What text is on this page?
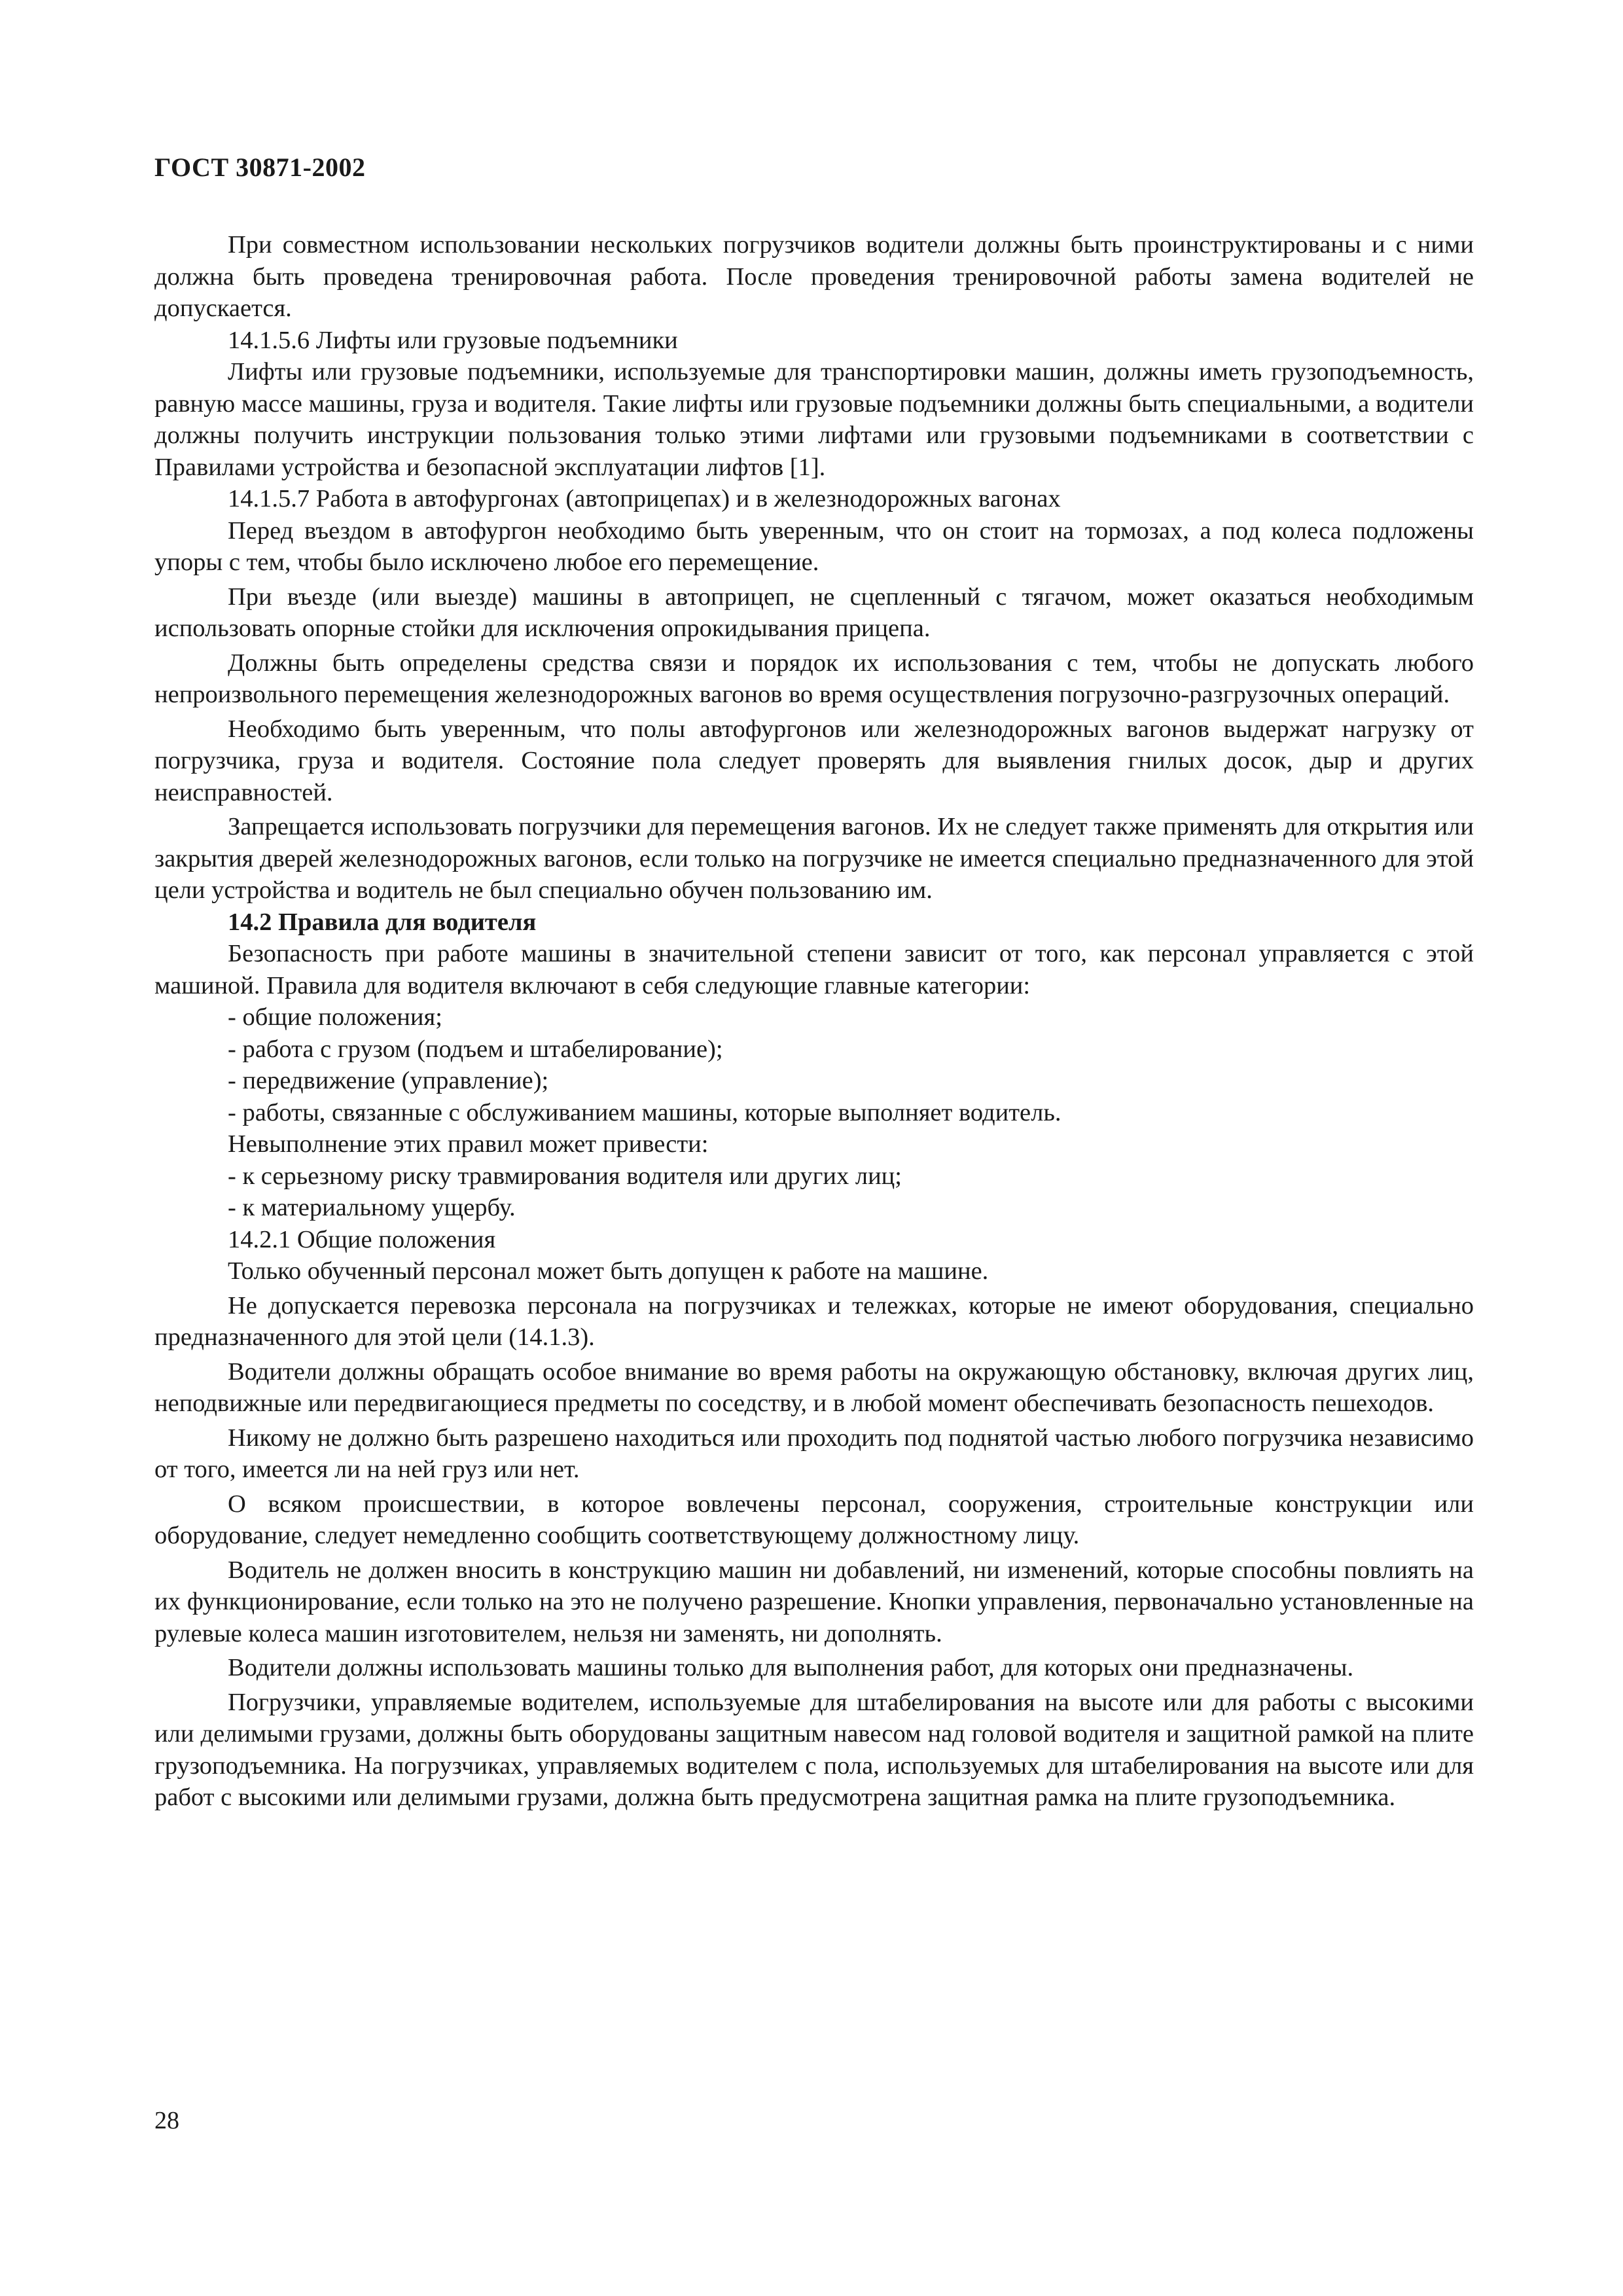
ГОСТ 30871-2002

При совместном использовании нескольких погрузчиков водители должны быть проинструктированы и с ними должна быть проведена тренировочная работа. После проведения тренировочной работы замена водителей не допускается.

14.1.5.6 Лифты или грузовые подъемники

Лифты или грузовые подъемники, используемые для транспортировки машин, должны иметь грузоподъемность, равную массе машины, груза и водителя. Такие лифты или грузовые подъемники должны быть специальными, а водители должны получить инструкции пользования только этими лифтами или грузовыми подъемниками в соответствии с Правилами устройства и безопасной эксплуатации лифтов [1].

14.1.5.7 Работа в автофургонах (автоприцепах) и в железнодорожных вагонах

Перед въездом в автофургон необходимо быть уверенным, что он стоит на тормозах, а под колеса подложены упоры с тем, чтобы было исключено любое его перемещение.

При въезде (или выезде) машины в автоприцеп, не сцепленный с тягачом, может оказаться необходимым использовать опорные стойки для исключения опрокидывания прицепа.

Должны быть определены средства связи и порядок их использования с тем, чтобы не допускать любого непроизвольного перемещения железнодорожных вагонов во время осуществления погрузочно-разгрузочных операций.

Необходимо быть уверенным, что полы автофургонов или железнодорожных вагонов выдержат нагрузку от погрузчика, груза и водителя. Состояние пола следует проверять для выявления гнилых досок, дыр и других неисправностей.

Запрещается использовать погрузчики для перемещения вагонов. Их не следует также применять для открытия или закрытия дверей железнодорожных вагонов, если только на погрузчике не имеется специально предназначенного для этой цели устройства и водитель не был специально обучен пользованию им.

14.2 Правила для водителя

Безопасность при работе машины в значительной степени зависит от того, как персонал управляется с этой машиной. Правила для водителя включают в себя следующие главные категории:

- общие положения;

- работа с грузом (подъем и штабелирование);

- передвижение (управление);

- работы, связанные с обслуживанием машины, которые выполняет водитель.

Невыполнение этих правил может привести:

- к серьезному риску травмирования водителя или других лиц;

- к материальному ущербу.

14.2.1 Общие положения

Только обученный персонал может быть допущен к работе на машине.

Не допускается перевозка персонала на погрузчиках и тележках, которые не имеют оборудования, специально предназначенного для этой цели (14.1.3).

Водители должны обращать особое внимание во время работы на окружающую обстановку, включая других лиц, неподвижные или передвигающиеся предметы по соседству, и в любой момент обеспечивать безопасность пешеходов.

Никому не должно быть разрешено находиться или проходить под поднятой частью любого погрузчика независимо от того, имеется ли на ней груз или нет.

О всяком происшествии, в которое вовлечены персонал, сооружения, строительные конструкции или оборудование, следует немедленно сообщить соответствующему должностному лицу.

Водитель не должен вносить в конструкцию машин ни добавлений, ни изменений, которые способны повлиять на их функционирование, если только на это не получено разрешение. Кнопки управления, первоначально установленные на рулевые колеса машин изготовителем, нельзя ни заменять, ни дополнять.

Водители должны использовать машины только для выполнения работ, для которых они предназначены.

Погрузчики, управляемые водителем, используемые для штабелирования на высоте или для работы с высокими или делимыми грузами, должны быть оборудованы защитным навесом над головой водителя и защитной рамкой на плите грузоподъемника. На погрузчиках, управляемых водителем с пола, используемых для штабелирования на высоте или для работ с высокими или делимыми грузами, должна быть предусмотрена защитная рамка на плите грузоподъемника.

28
